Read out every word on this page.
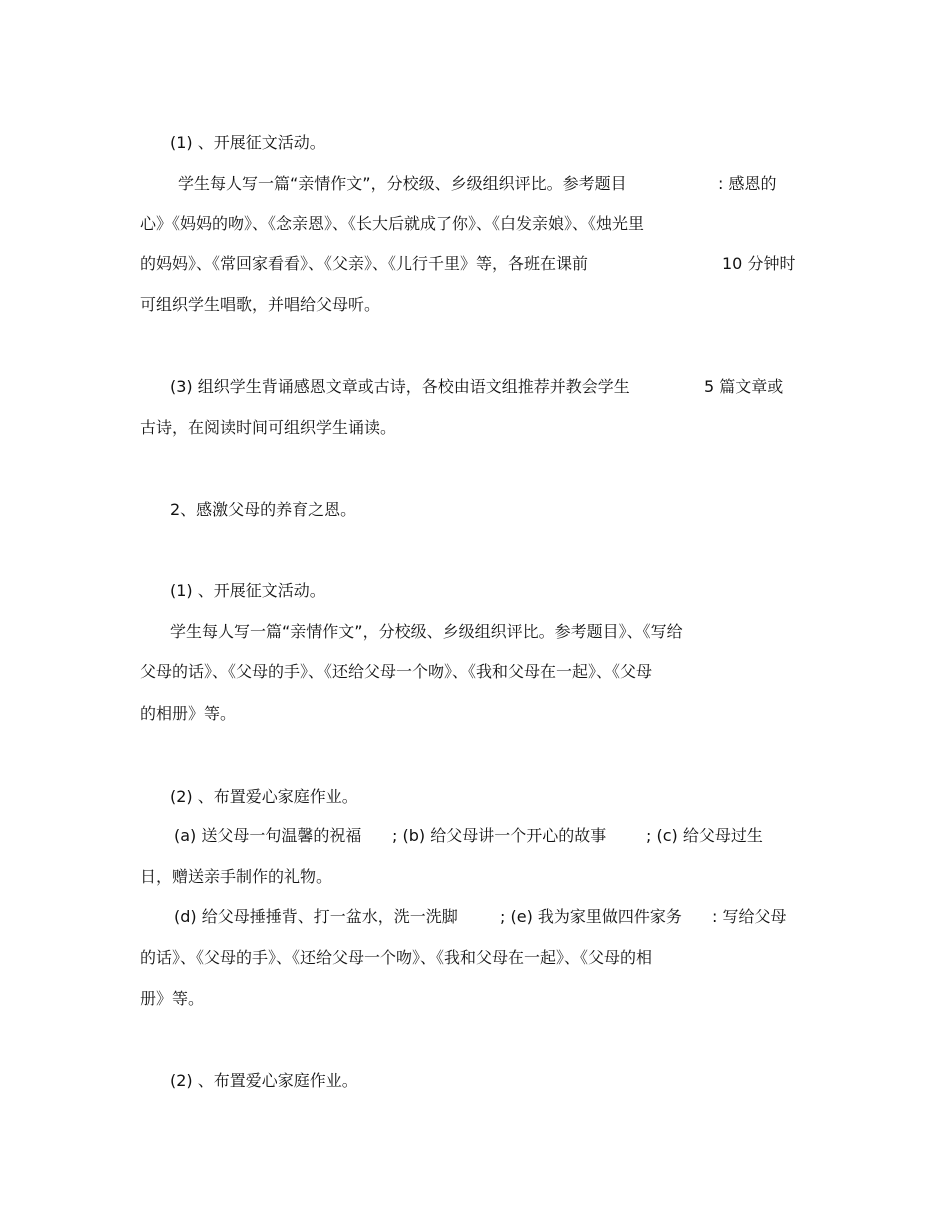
(1) 、开展征文活动。
学生每人写一篇“亲情作文”，分校级、乡级组织评比。参考题目	: 感恩的
心》《妈妈的吻》、《念亲恩》、《长大后就成了你》、《白发亲娘》、《烛光里
的妈妈》、《常回家看看》、《父亲》、《儿行千里》等，各班在课前	10 分钟时
可组织学生唱歌，并唱给父母听。
(3) 组织学生背诵感恩文章或古诗，各校由语文组推荐并教会学生	5 篇文章或
古诗，在阅读时间可组织学生诵读。
2、感激父母的养育之恩。
(1) 、开展征文活动。
学生每人写一篇“亲情作文”，分校级、乡级组织评比。参考题目》、《写给
父母的话》、《父母的手》、《还给父母一个吻》、《我和父母在一起》、《父母
的相册》等。
(2) 、布置爱心家庭作业。
(a) 送父母一句温馨的祝福 ; (b) 给父母讲一个开心的故事 ; (c) 给父母过生
日，赠送亲手制作的礼物。
(d) 给父母捶捶背、打一盆水，洗一洗脚	; (e) 我为家里做四件家务 : 写给父母
的话》、《父母的手》、《还给父母一个吻》、《我和父母在一起》、《父母的相
册》等。
(2) 、布置爱心家庭作业。
